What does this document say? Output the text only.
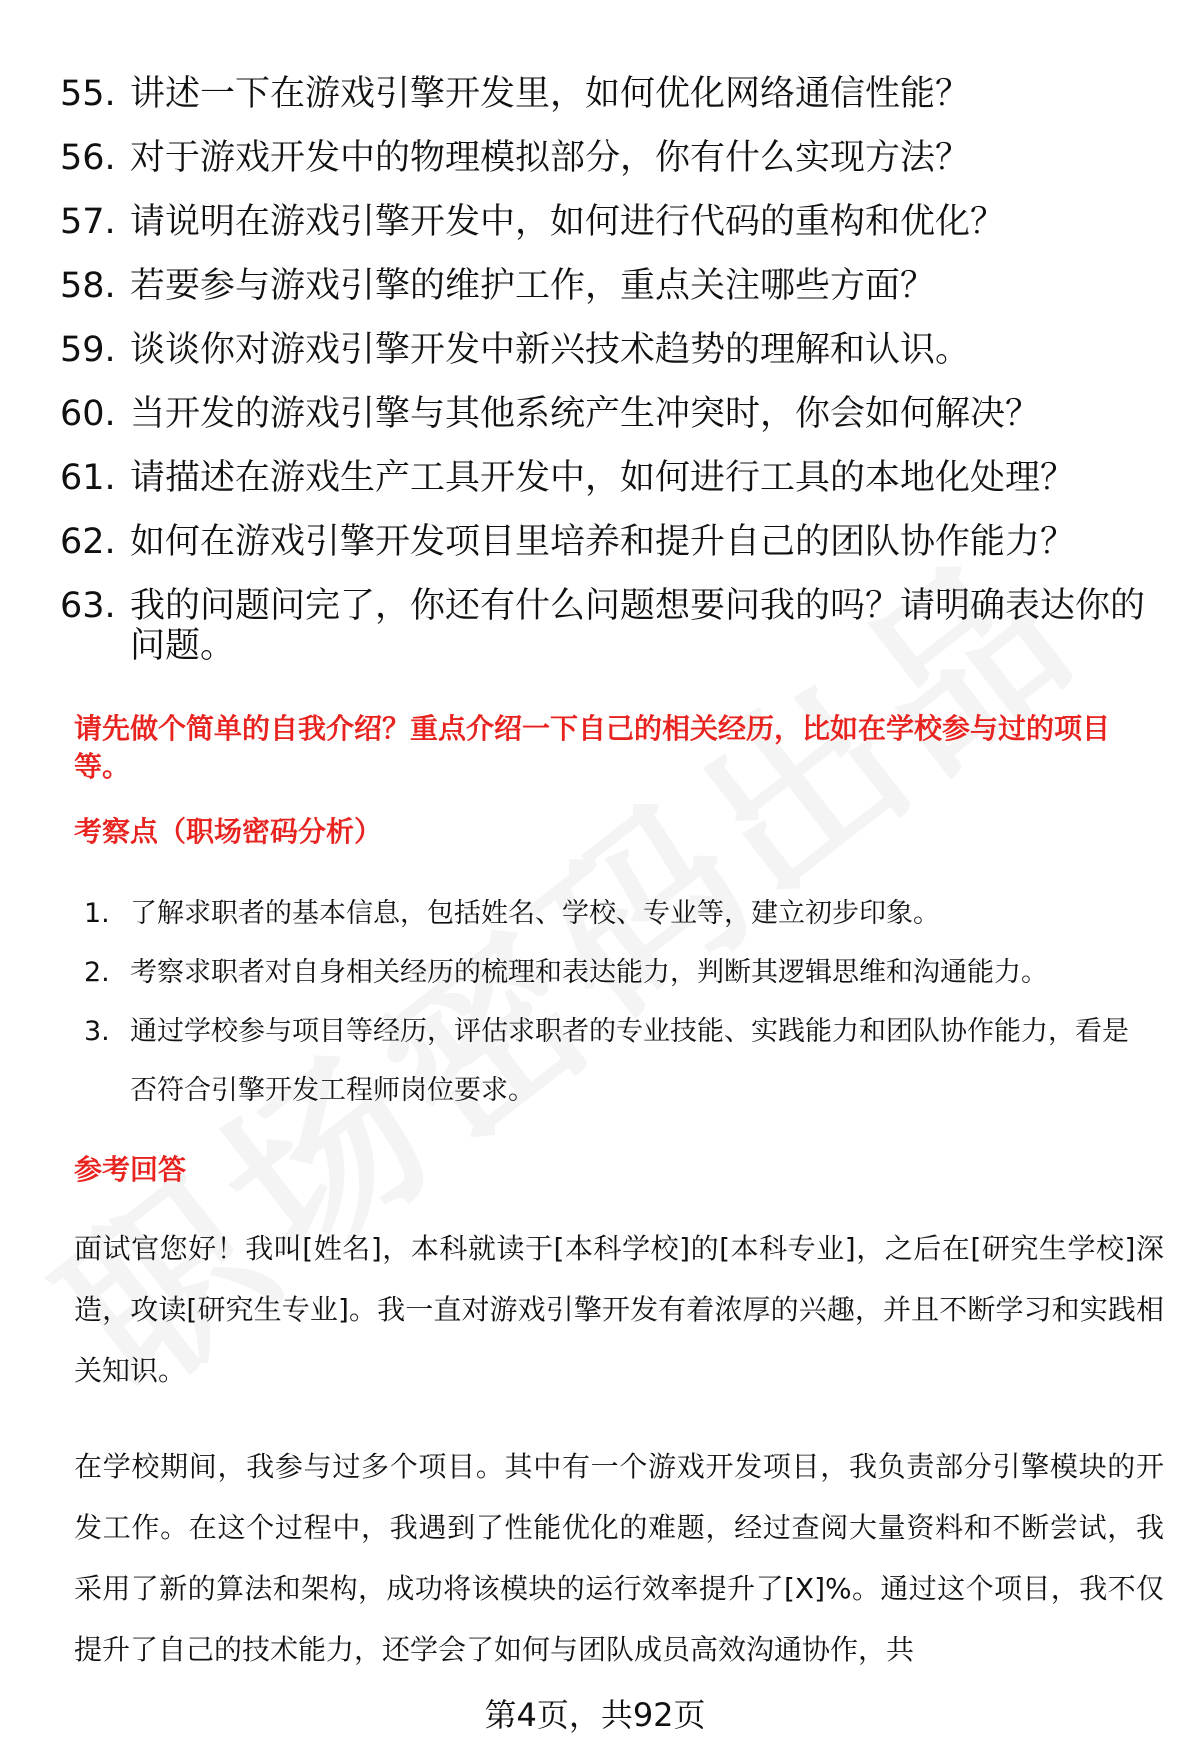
55. 讲述一下在游戏引擎开发里，如何优化网络通信性能？
56. 对于游戏开发中的物理模拟部分，你有什么实现方法？
57. 请说明在游戏引擎开发中，如何进行代码的重构和优化？
58. 若要参与游戏引擎的维护工作，重点关注哪些方面？
59. 谈谈你对游戏引擎开发中新兴技术趋势的理解和认识。
60. 当开发的游戏引擎与其他系统产生冲突时，你会如何解决？
61. 请描述在游戏生产工具开发中，如何进行工具的本地化处理？
62. 如何在游戏引擎开发项目里培养和提升自己的团队协作能力？
63. 我的问题问完了，你还有什么问题想要问我的吗？请明确表达你的问题。
请先做个简单的自我介绍？重点介绍一下自己的相关经历，比如在学校参与过的项目等。
考察点（职场密码分析）
1. 了解求职者的基本信息，包括姓名、学校、专业等，建立初步印象。
2. 考察求职者对自身相关经历的梳理和表达能力，判断其逻辑思维和沟通能力。
3. 通过学校参与项目等经历，评估求职者的专业技能、实践能力和团队协作能力，看是否符合引擎开发工程师岗位要求。
参考回答
面试官您好！我叫[姓名]，本科就读于[本科学校]的[本科专业]，之后在[研究生学校]深造，攻读[研究生专业]。我一直对游戏引擎开发有着浓厚的兴趣，并且不断学习和实践相关知识。
在学校期间，我参与过多个项目。其中有一个游戏开发项目，我负责部分引擎模块的开发工作。在这个过程中，我遇到了性能优化的难题，经过查阅大量资料和不断尝试，我采用了新的算法和架构，成功将该模块的运行效率提升了[X]%。通过这个项目，我不仅提升了自己的技术能力，还学会了如何与团队成员高效沟通协作，共
第4页，共92页
